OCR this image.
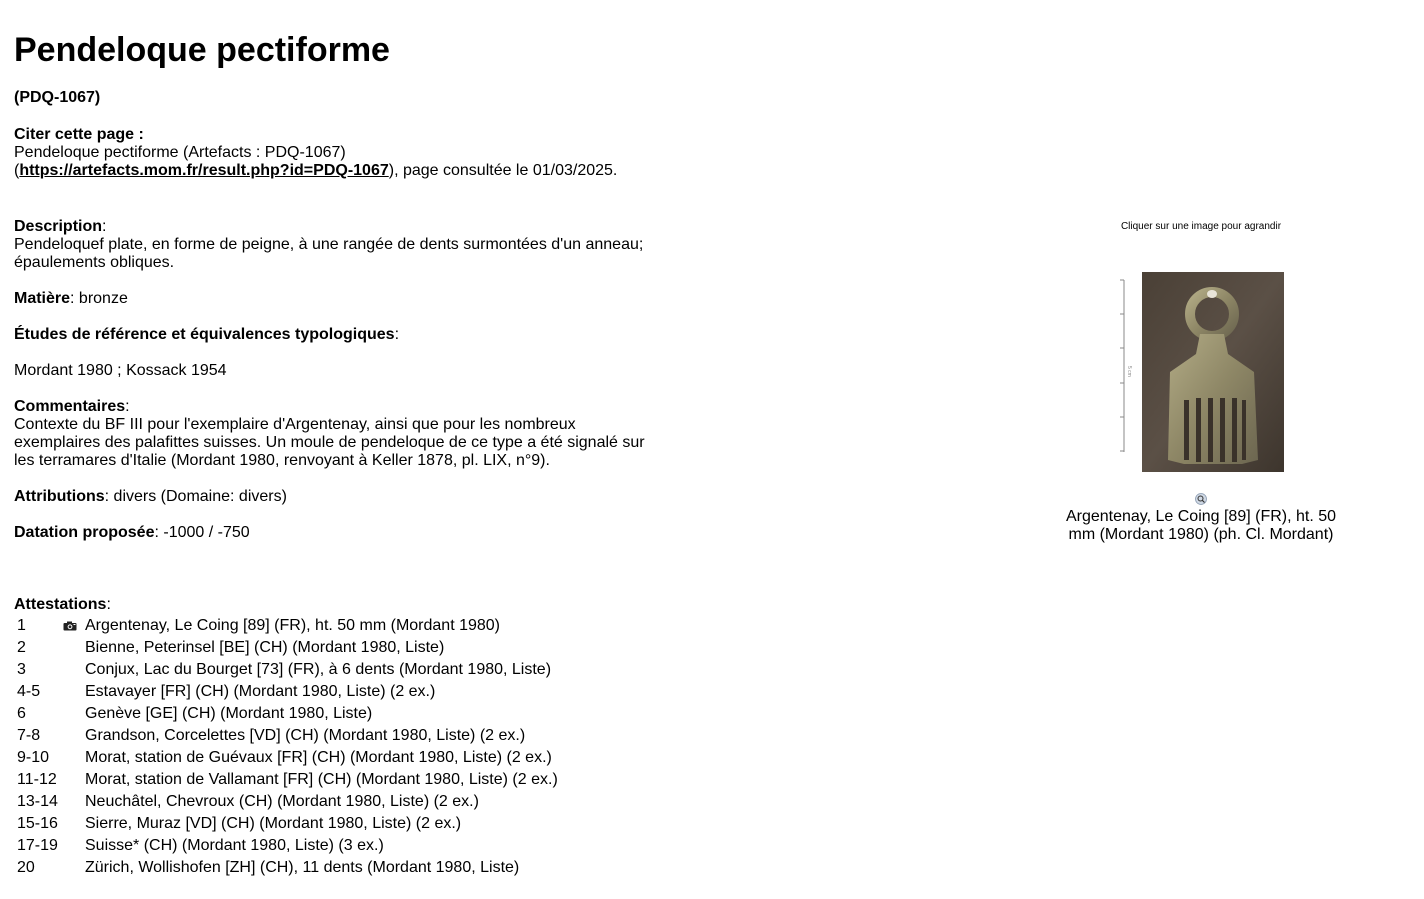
Pendeloque pectiforme
(PDQ-1067)
Citer cette page :
Pendeloque pectiforme (Artefacts : PDQ-1067)
(https://artefacts.mom.fr/result.php?id=PDQ-1067), page consultée le 01/03/2025.

Description:
Pendeloquef plate, en forme de peigne, à une rangée de dents surmontées d'un anneau; épaulements obliques.

Matière: bronze

Études de référence et équivalences typologiques:

Mordant 1980 ; Kossack 1954

Commentaires:
Contexte du BF III pour l'exemplaire d'Argentenay, ainsi que pour les nombreux exemplaires des palafittes suisses. Un moule de pendeloque de ce type a été signalé sur les terramares d'Italie (Mordant 1980, renvoyant à Keller 1878, pl. LIX, n°9).

Attributions: divers (Domaine: divers)

Datation proposée: -1000 / -750

Cliquer sur une image pour agrandir
5 cm
Argentenay, Le Coing [89] (FR), ht. 50 mm (Mordant 1980) (ph. Cl. Mordant)
Attestations:
1		Argentenay, Le Coing [89] (FR), ht. 50 mm (Mordant 1980)
2		Bienne, Peterinsel [BE] (CH) (Mordant 1980, Liste)
3		Conjux, Lac du Bourget [73] (FR), à 6 dents (Mordant 1980, Liste)
4-5		Estavayer [FR] (CH) (Mordant 1980, Liste) (2 ex.)
6		Genève [GE] (CH) (Mordant 1980, Liste)
7-8		Grandson, Corcelettes [VD] (CH) (Mordant 1980, Liste) (2 ex.)
9-10		Morat, station de Guévaux [FR] (CH) (Mordant 1980, Liste) (2 ex.)
11-12		Morat, station de Vallamant [FR] (CH) (Mordant 1980, Liste) (2 ex.)
13-14		Neuchâtel, Chevroux (CH) (Mordant 1980, Liste) (2 ex.)
15-16		Sierre, Muraz [VD] (CH) (Mordant 1980, Liste) (2 ex.)
17-19		Suisse* (CH) (Mordant 1980, Liste) (3 ex.)
20		Zürich, Wollishofen [ZH] (CH), 11 dents (Mordant 1980, Liste)
